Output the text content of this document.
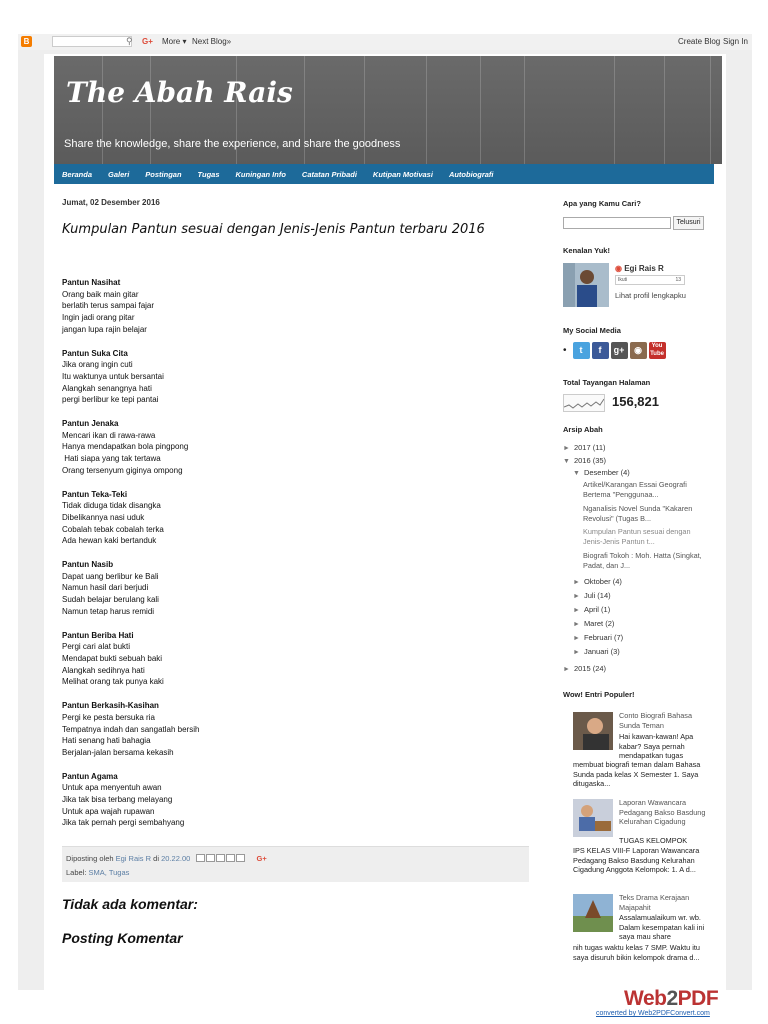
B	⚲ G+ More ▾ Next Blog»	Create Blog Sign In
The Abah Rais
Share the knowledge, share the experience, and share the goodness
Beranda Galeri Postingan Tugas Kuningan Info Catatan Pribadi Kutipan Motivasi Autobiografi
Jumat, 02 Desember 2016
Kumpulan Pantun sesuai dengan Jenis-Jenis Pantun terbaru 2016
Pantun Nasihat
Orang baik main gitar
berlatih terus sampai fajar
Ingin jadi orang pitar
jangan lupa rajin belajar
Pantun Suka Cita
Jika orang ingin cuti
Itu waktunya untuk bersantai
Alangkah senangnya hati
pergi berlibur ke tepi pantai
Pantun Jenaka
Mencari ikan di rawa-rawa
Hanya mendapatkan bola pingpong
Hati siapa yang tak tertawa
Orang tersenyum giginya ompong
Pantun Teka-Teki
Tidak diduga tidak disangka
Dibelikannya nasi uduk
Cobalah tebak cobalah terka
Ada hewan kaki bertanduk
Pantun Nasib
Dapat uang berlibur ke Bali
Namun hasil dari berjudi
Sudah belajar berulang kali
Namun tetap harus remidi
Pantun Beriba Hati
Pergi cari alat bukti
Mendapat bukti sebuah baki
Alangkah sedihnya hati
Melihat orang tak punya kaki
Pantun Berkasih-Kasihan
Pergi ke pesta bersuka ria
Tempatnya indah dan sangatlah bersih
Hati senang hati bahagia
Berjalan-jalan bersama kekasih
Pantun Agama
Untuk apa menyentuh awan
Jika tak bisa terbang melayang
Untuk apa wajah rupawan
Jika tak pernah pergi sembahyang
Diposting oleh Egi Rais R di 20.22.00	G+
Label: SMA, Tugas
Tidak ada komentar:
Posting Komentar
Apa yang Kamu Cari?
Telusuri
Kenalan Yuk!
◉ Egi Rais R
Ikuti	13
Lihat profil lengkapku
My Social Media
•	t	f	g+	◉	You
Tube
Total Tayangan Halaman
156,821
Arsip Abah
► 2017 (11)
▼ 2016 (35)
▼ Desember (4)
Artikel/Karangan Essai Geografi Bertema "Penggunaa...
Nganalisis Novel Sunda "Kakaren Revolusi" (Tugas B...
Kumpulan Pantun sesuai dengan Jenis-Jenis Pantun t...
Biografi Tokoh : Moh. Hatta (Singkat, Padat, dan J...
► Oktober (4)
► Juli (14)
► April (1)
► Maret (2)
► Februari (7)
► Januari (3)
► 2015 (24)
Wow! Entri Populer!
Conto Biografi Bahasa Sunda Teman
Hai kawan-kawan! Apa kabar? Saya pernah mendapatkan tugas
membuat biografi teman dalam Bahasa Sunda pada kelas X Semester 1. Saya ditugaska...
Laporan Wawancara Pedagang Bakso Basdung Kelurahan Cigadung
TUGAS KELOMPOK
IPS KELAS VIII-F Laporan Wawancara Pedagang Bakso Basdung Kelurahan Cigadung Anggota Kelompok: 1. A d...
Teks Drama Kerajaan Majapahit
Assalamualaikum wr. wb. Dalam kesempatan kali ini saya mau share
nih tugas waktu kelas 7 SMP. Waktu itu saya disuruh bikin kelompok drama d...
Web2PDF
converted by Web2PDFConvert.com
